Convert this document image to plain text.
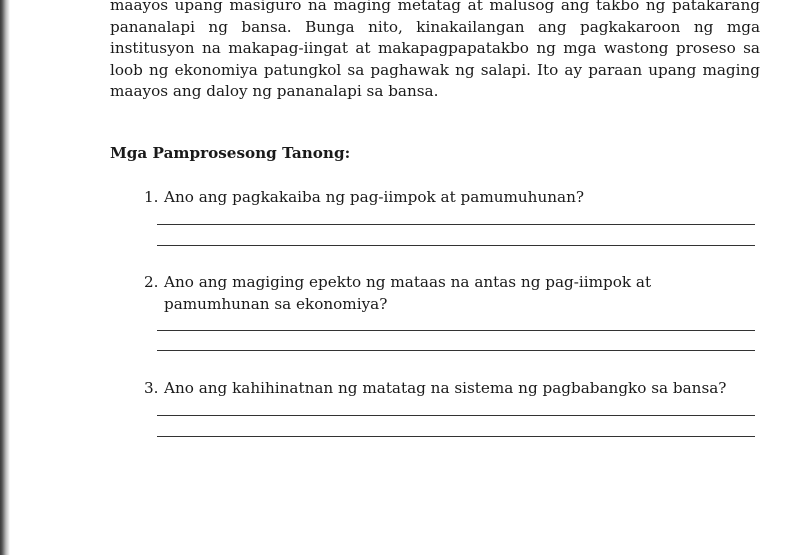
maayos upang masiguro na maging metatag at malusog ang takbo ng patakarang pananalapi ng bansa. Bunga nito, kinakailangan ang pagkakaroon ng mga institusyon na makapag-iingat at makapagpapatakbo ng mga wastong proseso sa loob ng ekonomiya patungkol sa paghawak ng salapi. Ito ay paraan upang maging maayos ang daloy ng pananalapi sa bansa.

Mga Pamprosesong Tanong:

1. Ano ang pagkakaiba ng pag-iimpok at pamumuhunan?
2. Ano ang magiging epekto ng mataas na antas ng pag-iimpok at
pamumhunan sa ekonomiya?
3. Ano ang kahihinatnan ng matatag na sistema ng pagbabangko sa bansa?
